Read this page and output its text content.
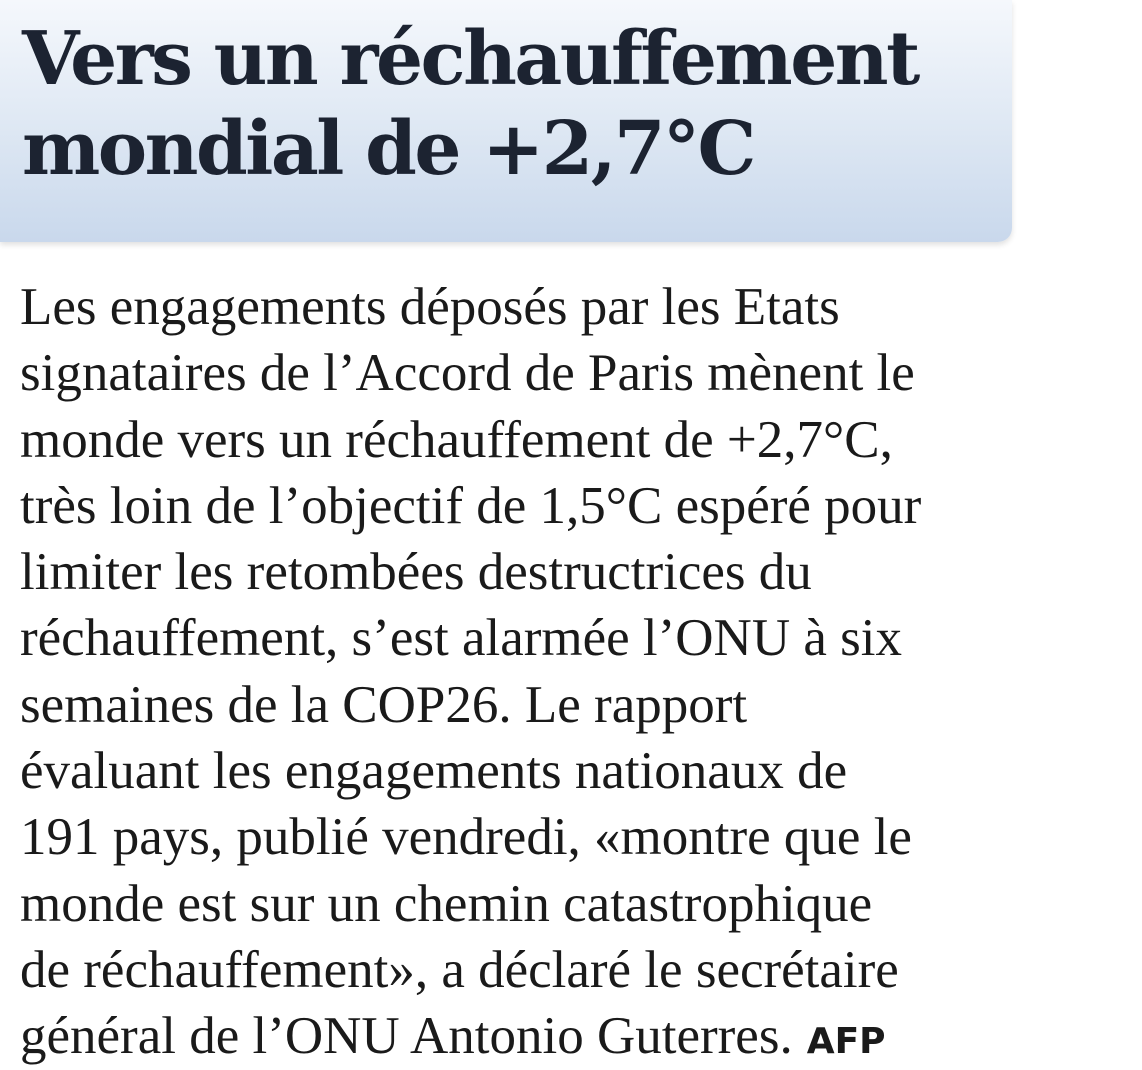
Vers un réchauffement
mondial de +2,7°C
Les engagements déposés par les Etats
signataires de l’Accord de Paris mènent le
monde vers un réchauffement de +2,7°C,
très loin de l’objectif de 1,5°C espéré pour
limiter les retombées destructrices du
réchauffement, s’est alarmée l’ONU à six
semaines de la COP26. Le rapport
évaluant les engagements nationaux de
191 pays, publié vendredi, «montre que le
monde est sur un chemin catastrophique
de réchauffement», a déclaré le secrétaire
général de l’ONU Antonio Guterres. AFP
